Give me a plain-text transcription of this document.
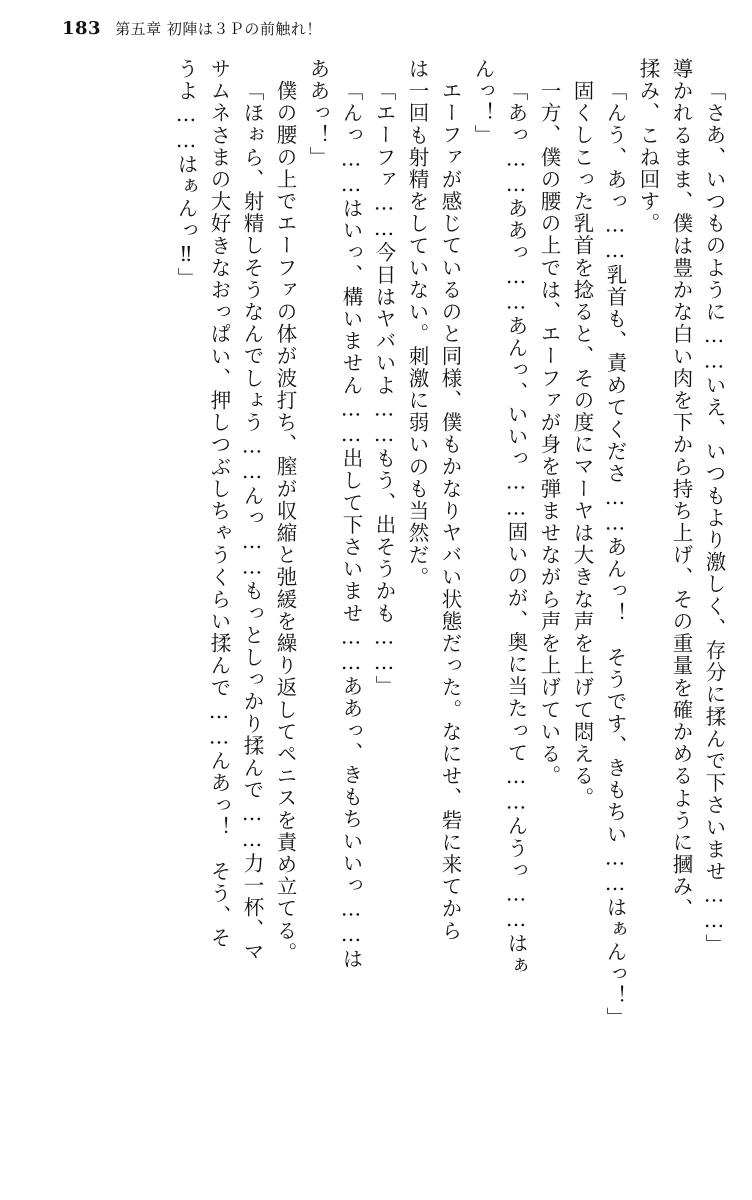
183 第五章 初陣は３Ｐの前触れ！
「さあ、いつものように……いえ、いつもより激しく、存分に揉んで下さいませ……」
導かれるまま、僕は豊かな白い肉を下から持ち上げ、その重量を確かめるように摑み、
揉み、こね回す。
「んう、あっ……乳首も、責めてくださ……あんっ！　そうです、きもちい……はぁんっ！」
固くしこった乳首を捻ると、その度にマーヤは大きな声を上げて悶える。
一方、僕の腰の上では、エーファが身を弾ませながら声を上げている。
「あっ……ああっ……あんっ、いいっ……固いのが、奥に当たって……んうっ……はぁ
んっ！」
エーファが感じているのと同様、僕もかなりヤバい状態だった。なにせ、砦に来てから
は一回も射精をしていない。刺激に弱いのも当然だ。
「エーファ……今日はヤバいよ……もう、出そうかも……」
「んっ……はいっ、構いません……出して下さいませ……ああっ、きもちいいっ……は
ああっ！」
僕の腰の上でエーファの体が波打ち、膣が収縮と弛緩を繰り返してペニスを責め立てる。
「ほぉら、射精しそうなんでしょう……んっ……もっとしっかり揉んで……力一杯、マ
サムネさまの大好きなおっぱい、押しつぶしちゃうくらい揉んで……んあっ！　そう、そ
うよ……はぁんっ‼」
